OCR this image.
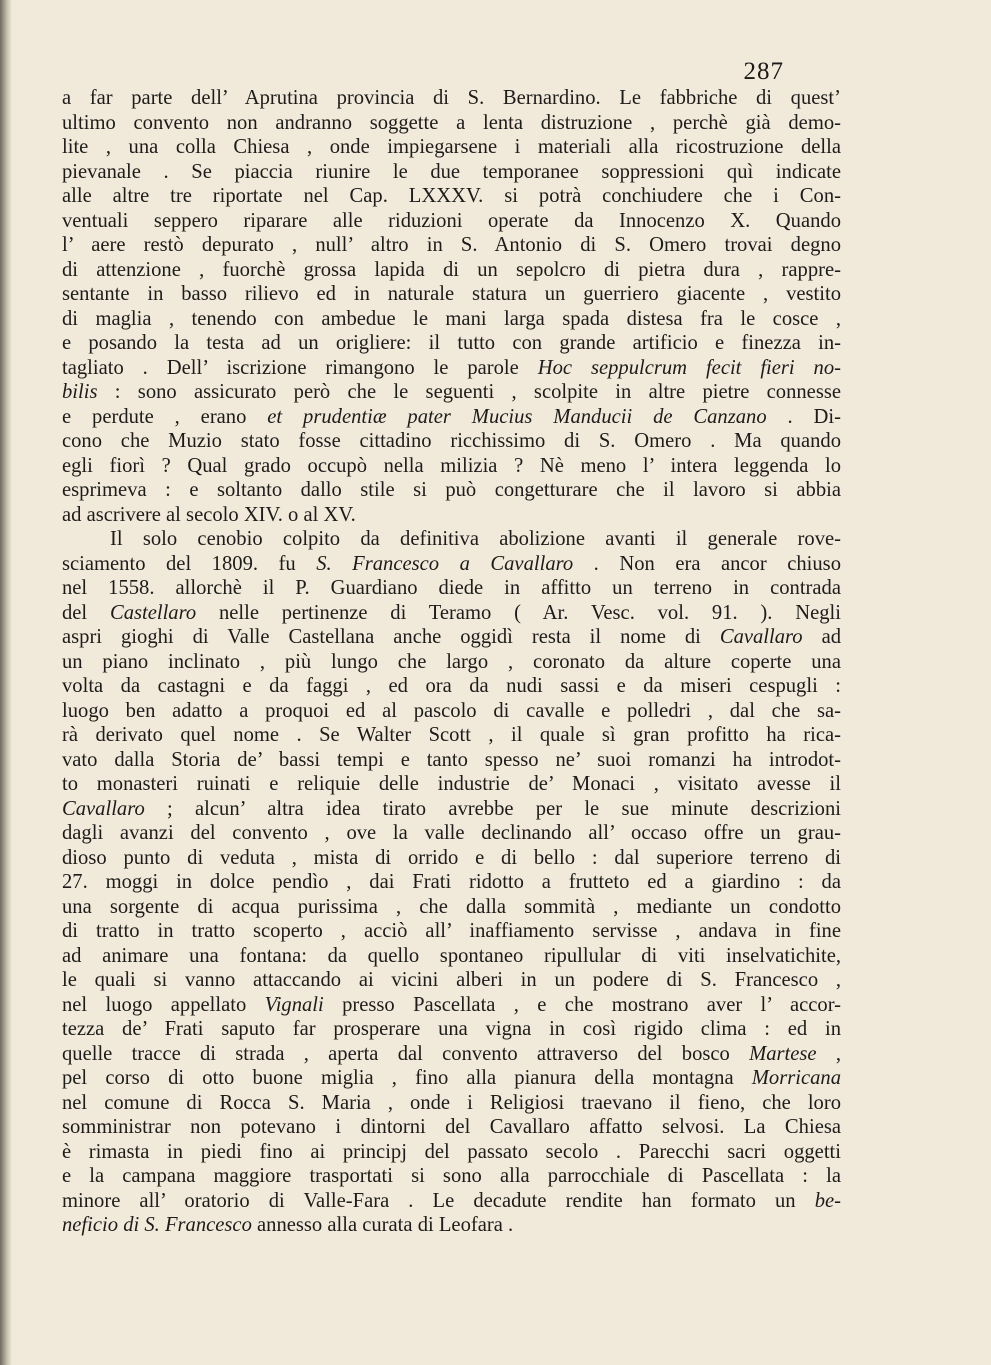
287
a far parte dell’ Aprutina provincia di S. Bernardino. Le fabbriche di quest’
ultimo convento non andranno soggette a lenta distruzione , perchè già demo-
lite , una colla Chiesa , onde impiegarsene i materiali alla ricostruzione della
pievanale . Se piaccia riunire le due temporanee soppressioni quì indicate
alle altre tre riportate nel Cap. LXXXV. si potrà conchiudere che i Con-
ventuali seppero riparare alle riduzioni operate da Innocenzo X. Quando
l’ aere restò depurato , null’ altro in S. Antonio di S. Omero trovai degno
di attenzione , fuorchè grossa lapida di un sepolcro di pietra dura , rappre-
sentante in basso rilievo ed in naturale statura un guerriero giacente , vestito
di maglia , tenendo con ambedue le mani larga spada distesa fra le cosce ,
e posando la testa ad un origliere: il tutto con grande artificio e finezza in-
tagliato . Dell’ iscrizione rimangono le parole Hoc seppulcrum fecit fieri no-
bilis : sono assicurato però che le seguenti , scolpite in altre pietre connesse
e perdute , erano et prudentiæ pater Mucius Manducii de Canzano . Di-
cono che Muzio stato fosse cittadino ricchissimo di S. Omero . Ma quando
egli fiorì ? Qual grado occupò nella milizia ? Nè meno l’ intera leggenda lo
esprimeva : e soltanto dallo stile si può congetturare che il lavoro si abbia
ad ascrivere al secolo XIV. o al XV.
Il solo cenobio colpito da definitiva abolizione avanti il generale rove-
sciamento del 1809. fu S. Francesco a Cavallaro . Non era ancor chiuso
nel 1558. allorchè il P. Guardiano diede in affitto un terreno in contrada
del Castellaro nelle pertinenze di Teramo ( Ar. Vesc. vol. 91. ). Negli
aspri gioghi di Valle Castellana anche oggidì resta il nome di Cavallaro ad
un piano inclinato , più lungo che largo , coronato da alture coperte una
volta da castagni e da faggi , ed ora da nudi sassi e da miseri cespugli :
luogo ben adatto a proquoi ed al pascolo di cavalle e polledri , dal che sa-
rà derivato quel nome . Se Walter Scott , il quale sì gran profitto ha rica-
vato dalla Storia de’ bassi tempi e tanto spesso ne’ suoi romanzi ha introdot-
to monasteri ruinati e reliquie delle industrie de’ Monaci , visitato avesse il
Cavallaro ; alcun’ altra idea tirato avrebbe per le sue minute descrizioni
dagli avanzi del convento , ove la valle declinando all’ occaso offre un grau-
dioso punto di veduta , mista di orrido e di bello : dal superiore terreno di
27. moggi in dolce pendìo , dai Frati ridotto a frutteto ed a giardino : da
una sorgente di acqua purissima , che dalla sommità , mediante un condotto
di tratto in tratto scoperto , acciò all’ inaffiamento servisse , andava in fine
ad animare una fontana: da quello spontaneo ripullular di viti inselvatichite,
le quali si vanno attaccando ai vicini alberi in un podere di S. Francesco ,
nel luogo appellato Vignali presso Pascellata , e che mostrano aver l’ accor-
tezza de’ Frati saputo far prosperare una vigna in così rigido clima : ed in
quelle tracce di strada , aperta dal convento attraverso del bosco Martese ,
pel corso di otto buone miglia , fino alla pianura della montagna Morricana
nel comune di Rocca S. Maria , onde i Religiosi traevano il fieno, che loro
somministrar non potevano i dintorni del Cavallaro affatto selvosi. La Chiesa
è rimasta in piedi fino ai principj del passato secolo . Parecchi sacri oggetti
e la campana maggiore trasportati si sono alla parrocchiale di Pascellata : la
minore all’ oratorio di Valle-Fara . Le decadute rendite han formato un be-
neficio di S. Francesco annesso alla curata di Leofara .
